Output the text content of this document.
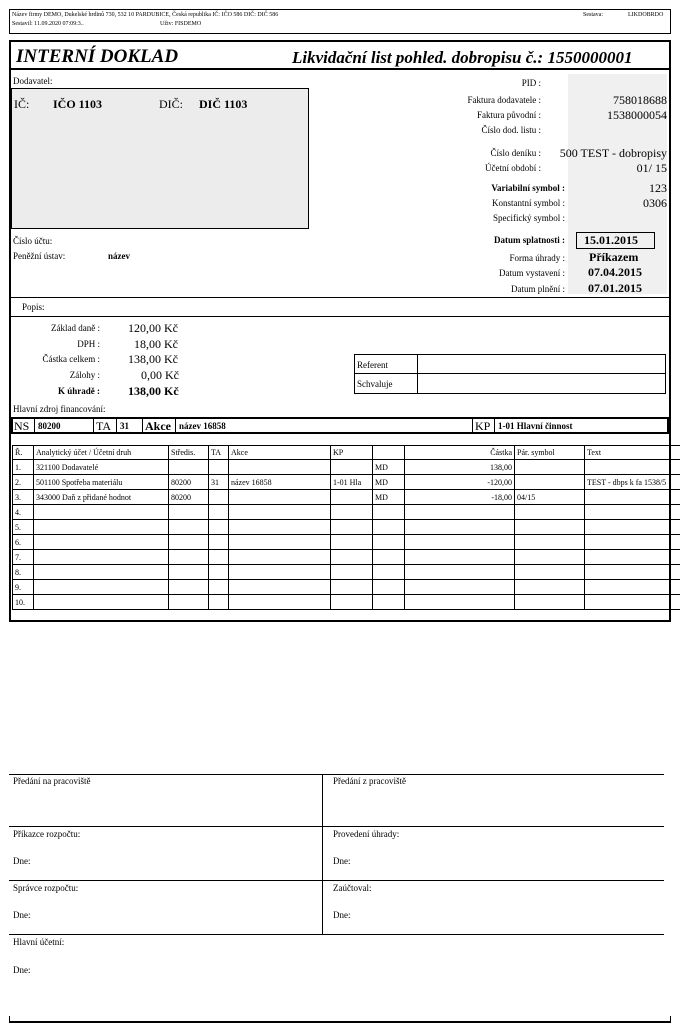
Název firmy DEMO, Dukelské hrdinů 730, 532 10 PARDUBICE, Česká republika IČ: IČO 586 DIČ: DIČ 586
Sestavil: 11.09.2020 07:09:3..	Uživ: FISDEMO
Sestava:	LIKDOBRDO
INTERNÍ DOKLAD	Likvidační list pohled. dobropisu č.: 1550000001
Dodavatel:
IČ: IČO 1103	DIČ: DIČ 1103
Číslo účtu:
Peněžní ústav:	název
PID :
Faktura dodavatele :	758018688
Faktura původní :	1538000054
Číslo dod. listu :
Číslo deníku : 500 TEST - dobropisy
Účetní období :	01/ 15
Variabilní symbol :	123
Konstantní symbol :	0306
Specifický symbol :
Datum splatnosti : 15.01.2015
Forma úhrady : Příkazem
Datum vystavení : 07.04.2015
Datum plnění : 07.01.2015
Popis:
Základ daně : 120,00 Kč
DPH :	18,00 Kč
Částka celkem : 138,00 Kč
Zálohy :	0,00 Kč
K úhradě : 138,00 Kč
Referent
Schvaluje
Hlavní zdroj financování:
NS 80200	TA 31 Akce název 16858	KP 1-01 Hlavní činnost
Ř.	Analytický účet / Účetní druh	Středis.	TA	Akce	KP		Částka	Pár. symbol	Text
1.	321100 Dodavatelé					MD	138,00		
2.	501100 Spotřeba materiálu	80200	31	název 16858	1-01 Hla	MD	-120,00		TEST - dbps k fa 1538/5
3.	343000 Daň z přidané hodnot	80200				MD	-18,00	04/15	
4.									
5.									
6.									
7.									
8.									
9.									
10.									
Předání na pracoviště	Předání z pracoviště
Příkazce rozpočtu:	Provedení úhrady:
Dne:	Dne:
Správce rozpočtu:	Zaúčtoval:
Dne:	Dne:
Hlavní účetní:
Dne:
